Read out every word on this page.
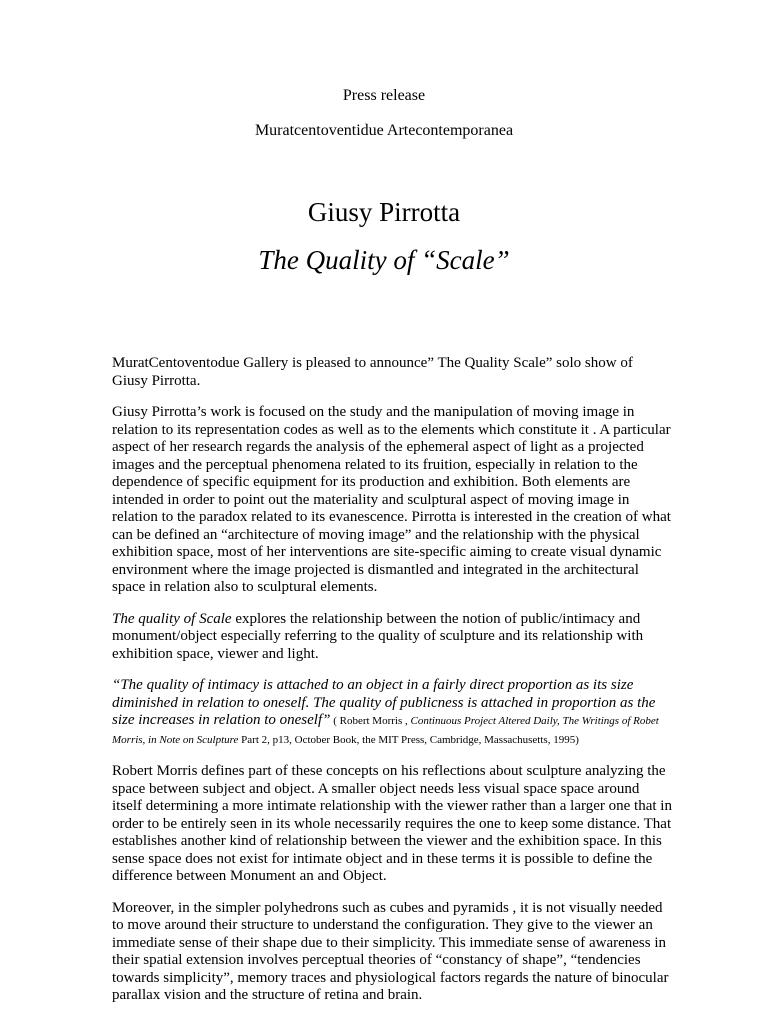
Press release
Muratcentoventidue Artecontemporanea
Giusy Pirrotta
The Quality of “Scale”

MuratCentoventodue Gallery is pleased to announce” The Quality Scale” solo show of Giusy Pirrotta.

Giusy Pirrotta’s work is focused on the study and the manipulation of moving image in relation to its representation codes as well as to the elements which constitute it . A particular aspect of her research regards the analysis of the ephemeral aspect of light as a projected images and the perceptual phenomena related to its fruition, especially in relation to the dependence of specific equipment for its production and exhibition. Both elements are intended in order to point out the materiality and sculptural aspect of moving image in relation to the paradox related to its evanescence. Pirrotta is interested in the creation of what can be defined an “architecture of moving image” and the relationship with the physical exhibition space, most of her interventions are site-specific aiming to create visual dynamic environment where the image projected is dismantled and integrated in the architectural space in relation also to sculptural elements.

The quality of Scale explores the relationship between the notion of public/intimacy and monument/object especially referring to the quality of sculpture and its relationship with exhibition space, viewer and light.

“The quality of intimacy is attached to an object in a fairly direct proportion as its size diminished in relation to oneself. The quality of publicness is attached in proportion as the size increases in relation to oneself” ( Robert Morris , Continuous Project Altered Daily, The Writings of Robet Morris, in Note on Sculpture Part 2, p13, October Book, the MIT Press, Cambridge, Massachusetts, 1995)

Robert Morris defines part of these concepts on his reflections about sculpture analyzing the space between subject and object. A smaller object needs less visual space space around itself determining a more intimate relationship with the viewer rather than a larger one that in order to be entirely seen in its whole necessarily requires the one to keep some distance. That establishes another kind of relationship between the viewer and the exhibition space. In this sense space does not exist for intimate object and in these terms it is possible to define the difference between Monument an and Object.

Moreover, in the simpler polyhedrons such as cubes and pyramids , it is not visually needed to move around their structure to understand the configuration. They give to the viewer an immediate sense of their shape due to their simplicity. This immediate sense of awareness in their spatial extension involves perceptual theories of “constancy of shape”, “tendencies towards simplicity”, memory traces and physiological factors regards the nature of binocular parallax vision and the structure of retina and brain.
